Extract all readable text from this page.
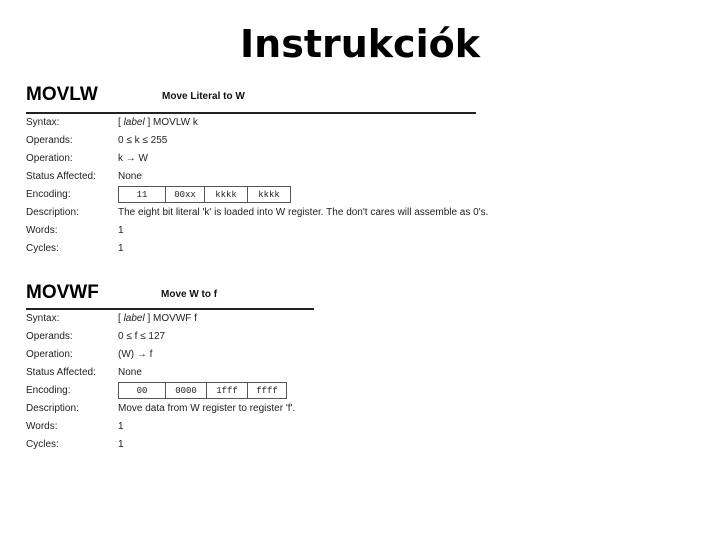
Instrukciók
MOVLW	Move Literal to W
Syntax:	[ label ] MOVLW k
Operands:	0 ≤ k ≤ 255
Operation:	k → W
Status Affected: None
Encoding:	11	00xx	kkkk	kkkk
Description:	The eight bit literal 'k' is loaded into W register. The don't cares will assemble as 0's.
Words:	1
Cycles:	1
MOVWF	Move W to f
Syntax:	[ label ] MOVWF f
Operands:	0 ≤ f ≤ 127
Operation:	(W) → f
Status Affected: None
Encoding:	00	0000	1fff	ffff
Description:	Move data from W register to register 'f'.
Words:	1
Cycles:	1
